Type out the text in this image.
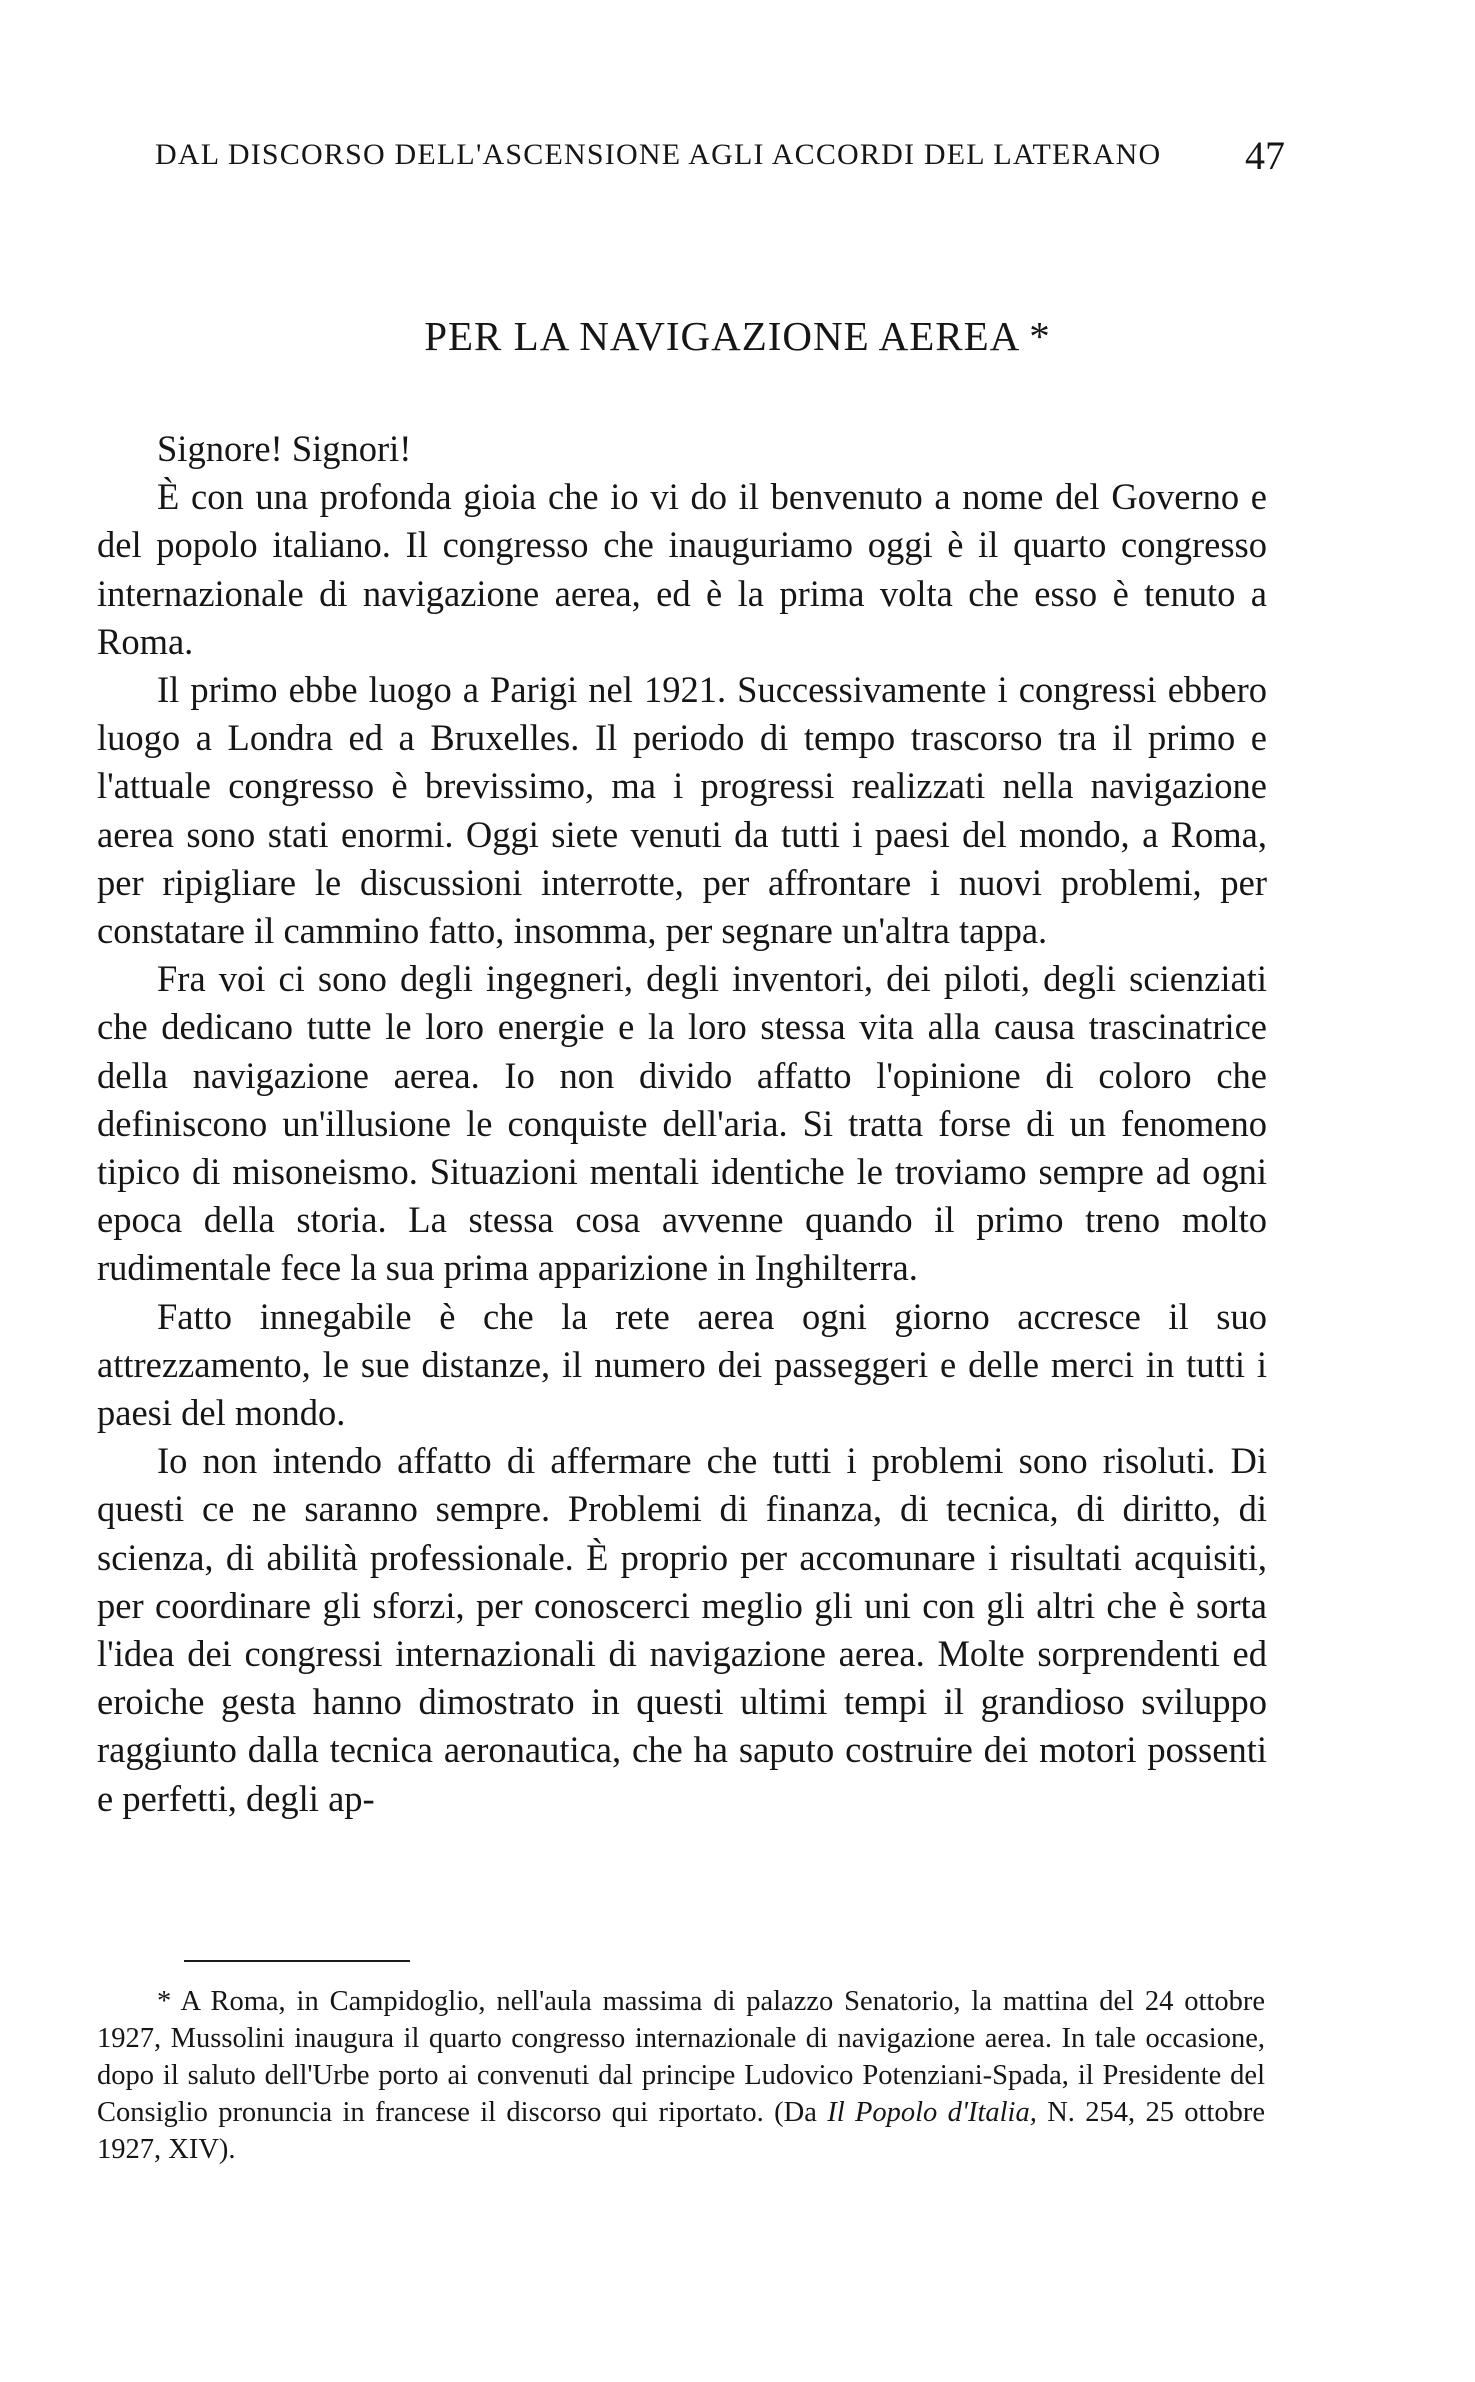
DAL DISCORSO DELL'ASCENSIONE AGLI ACCORDI DEL LATERANO 47
PER LA NAVIGAZIONE AEREA *

Signore! Signori!

È con una profonda gioia che io vi do il benvenuto a nome del Governo e del popolo italiano. Il congresso che inauguriamo oggi è il quarto congresso internazionale di navigazione aerea, ed è la prima volta che esso è tenuto a Roma.

Il primo ebbe luogo a Parigi nel 1921. Successivamente i congressi ebbero luogo a Londra ed a Bruxelles. Il periodo di tempo trascorso tra il primo e l'attuale congresso è brevissimo, ma i progressi realizzati nella navigazione aerea sono stati enormi. Oggi siete venuti da tutti i paesi del mondo, a Roma, per ripigliare le discussioni interrotte, per affrontare i nuovi problemi, per constatare il cammino fatto, insomma, per segnare un'altra tappa.

Fra voi ci sono degli ingegneri, degli inventori, dei piloti, degli scienziati che dedicano tutte le loro energie e la loro stessa vita alla causa trascinatrice della navigazione aerea. Io non divido affatto l'opinione di coloro che definiscono un'illusione le conquiste dell'aria. Si tratta forse di un fenomeno tipico di misoneismo. Situazioni mentali identiche le troviamo sempre ad ogni epoca della storia. La stessa cosa avvenne quando il primo treno molto rudimentale fece la sua prima apparizione in Inghilterra.

Fatto innegabile è che la rete aerea ogni giorno accresce il suo attrezzamento, le sue distanze, il numero dei passeggeri e delle merci in tutti i paesi del mondo.

Io non intendo affatto di affermare che tutti i problemi sono risoluti. Di questi ce ne saranno sempre. Problemi di finanza, di tecnica, di diritto, di scienza, di abilità professionale. È proprio per accomunare i risultati acquisiti, per coordinare gli sforzi, per conoscerci meglio gli uni con gli altri che è sorta l'idea dei congressi internazionali di navigazione aerea. Molte sorprendenti ed eroiche gesta hanno dimostrato in questi ultimi tempi il grandioso sviluppo raggiunto dalla tecnica aeronautica, che ha saputo costruire dei motori possenti e perfetti, degli ap-

* A Roma, in Campidoglio, nell'aula massima di palazzo Senatorio, la mattina del 24 ottobre 1927, Mussolini inaugura il quarto congresso internazionale di navigazione aerea. In tale occasione, dopo il saluto dell'Urbe porto ai convenuti dal principe Ludovico Potenziani-Spada, il Presidente del Consiglio pronuncia in francese il discorso qui riportato. (Da Il Popolo d'Italia, N. 254, 25 ottobre 1927, XIV).
